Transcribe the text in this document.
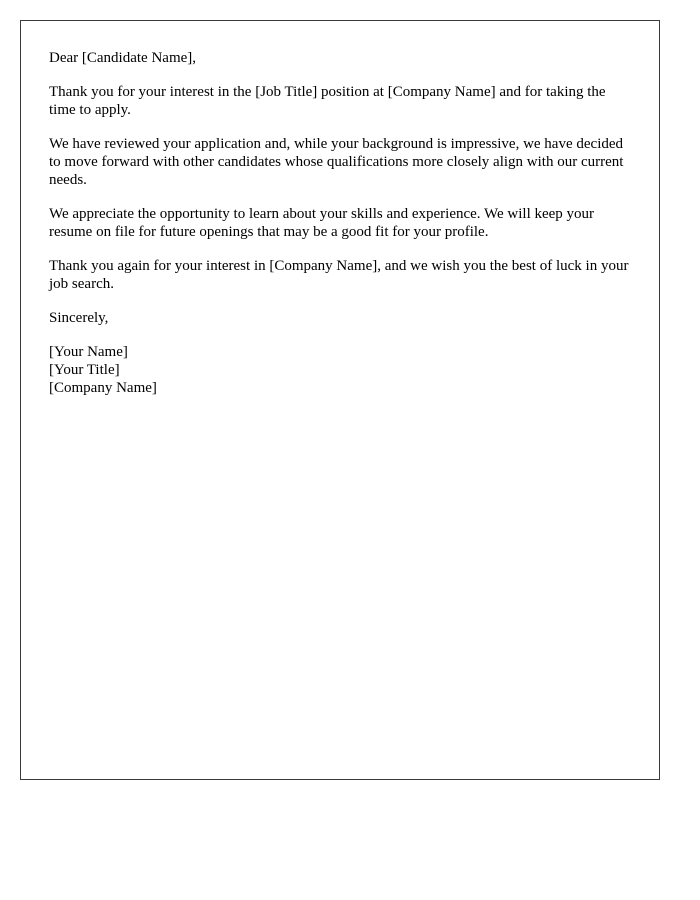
Dear [Candidate Name],

Thank you for your interest in the [Job Title] position at [Company Name] and for taking the time to apply.

We have reviewed your application and, while your background is impressive, we have decided to move forward with other candidates whose qualifications more closely align with our current needs.

We appreciate the opportunity to learn about your skills and experience. We will keep your resume on file for future openings that may be a good fit for your profile.

Thank you again for your interest in [Company Name], and we wish you the best of luck in your job search.

Sincerely,

[Your Name]
[Your Title]
[Company Name]
